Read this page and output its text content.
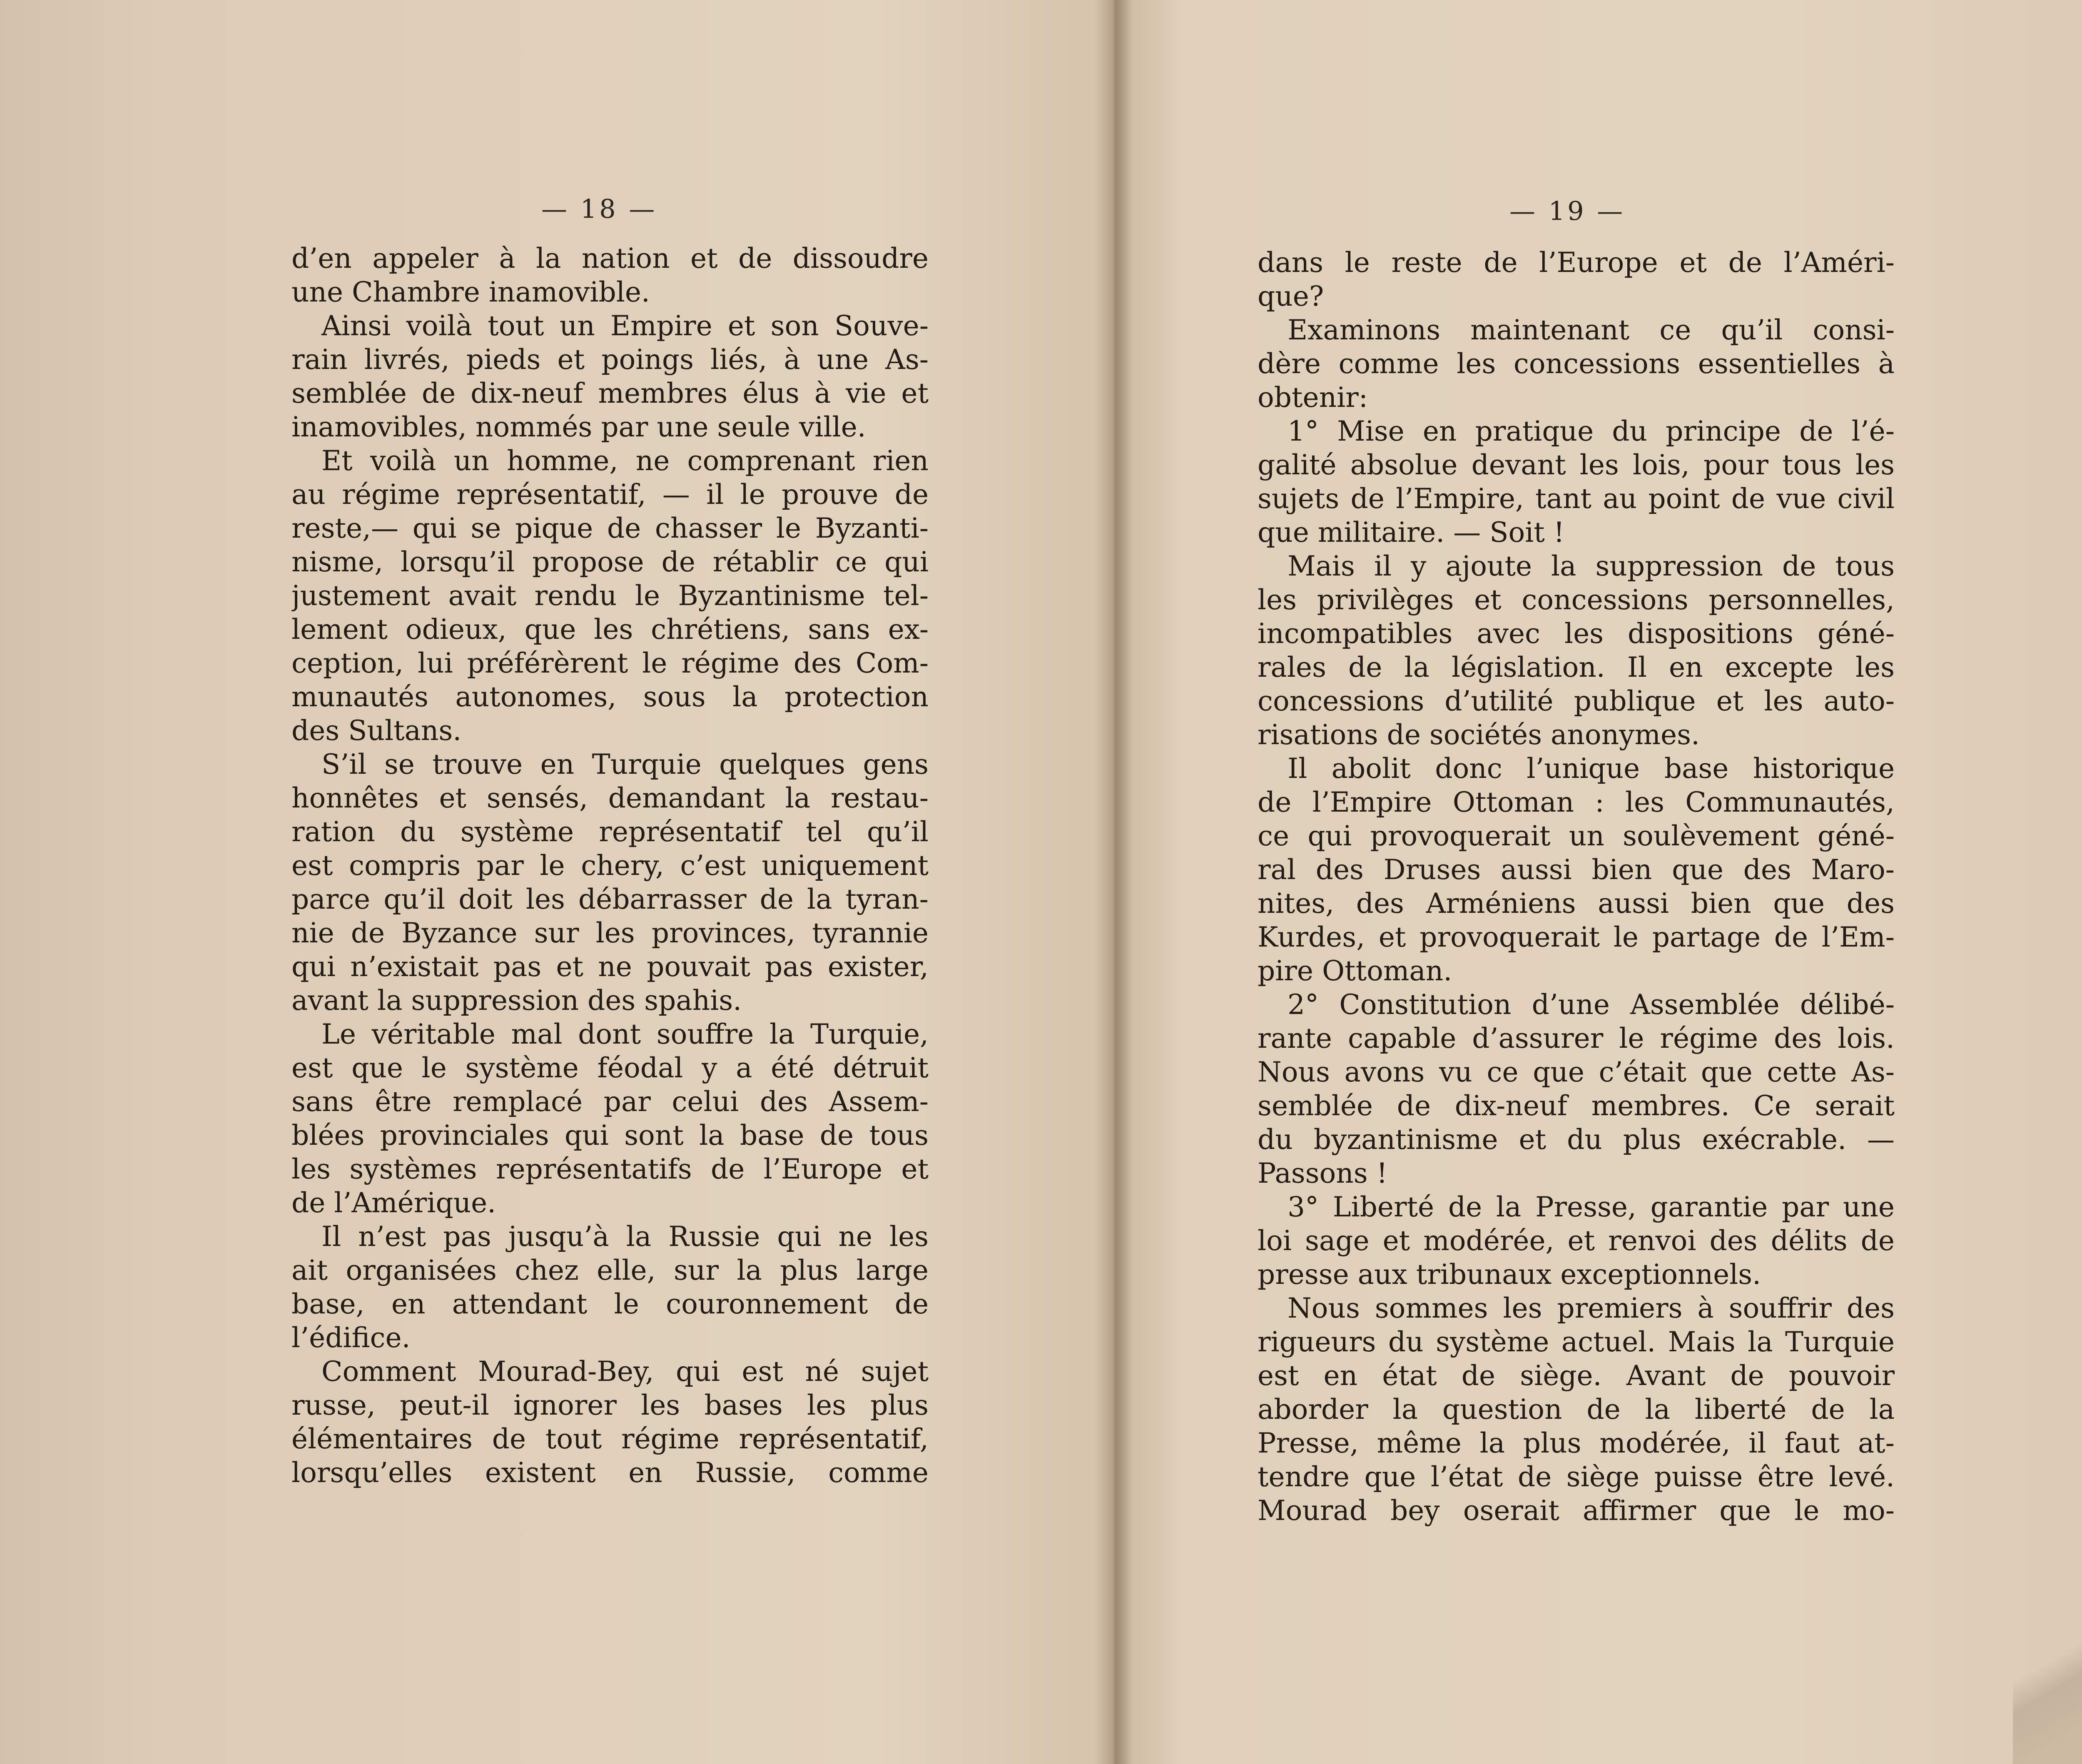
— 18 —
d’en appeler à la nation et de dissoudre
une Chambre inamovible.
Ainsi voilà tout un Empire et son Souve-
rain livrés, pieds et poings liés, à une As-
semblée de dix-neuf membres élus à vie et
inamovibles, nommés par une seule ville.
Et voilà un homme, ne comprenant rien
au régime représentatif, — il le prouve de
reste,— qui se pique de chasser le Byzanti-
nisme, lorsqu’il propose de rétablir ce qui
justement avait rendu le Byzantinisme tel-
lement odieux, que les chrétiens, sans ex-
ception, lui préférèrent le régime des Com-
munautés autonomes, sous la protection
des Sultans.
S’il se trouve en Turquie quelques gens
honnêtes et sensés, demandant la restau-
ration du système représentatif tel qu’il
est compris par le chery, c’est uniquement
parce qu’il doit les débarrasser de la tyran-
nie de Byzance sur les provinces, tyrannie
qui n’existait pas et ne pouvait pas exister,
avant la suppression des spahis.
Le véritable mal dont souffre la Turquie,
est que le système féodal y a été détruit
sans être remplacé par celui des Assem-
blées provinciales qui sont la base de tous
les systèmes représentatifs de l’Europe et
de l’Amérique.
Il n’est pas jusqu’à la Russie qui ne les
ait organisées chez elle, sur la plus large
base, en attendant le couronnement de
l’édifice.
Comment Mourad-Bey, qui est né sujet
russe, peut-il ignorer les bases les plus
élémentaires de tout régime représentatif,
lorsqu’elles existent en Russie, comme
— 19 —
dans le reste de l’Europe et de l’Améri-
que?
Examinons maintenant ce qu’il consi-
dère comme les concessions essentielles à
obtenir:
1° Mise en pratique du principe de l’é-
galité absolue devant les lois, pour tous les
sujets de l’Empire, tant au point de vue civil
que militaire. — Soit !
Mais il y ajoute la suppression de tous
les privilèges et concessions personnelles,
incompatibles avec les dispositions géné-
rales de la législation. Il en excepte les
concessions d’utilité publique et les auto-
risations de sociétés anonymes.
Il abolit donc l’unique base historique
de l’Empire Ottoman : les Communautés,
ce qui provoquerait un soulèvement géné-
ral des Druses aussi bien que des Maro-
nites, des Arméniens aussi bien que des
Kurdes, et provoquerait le partage de l’Em-
pire Ottoman.
2° Constitution d’une Assemblée délibé-
rante capable d’assurer le régime des lois.
Nous avons vu ce que c’était que cette As-
semblée de dix-neuf membres. Ce serait
du byzantinisme et du plus exécrable. —
Passons !
3° Liberté de la Presse, garantie par une
loi sage et modérée, et renvoi des délits de
presse aux tribunaux exceptionnels.
Nous sommes les premiers à souffrir des
rigueurs du système actuel. Mais la Turquie
est en état de siège. Avant de pouvoir
aborder la question de la liberté de la
Presse, même la plus modérée, il faut at-
tendre que l’état de siège puisse être levé.
Mourad bey oserait affirmer que le mo-
